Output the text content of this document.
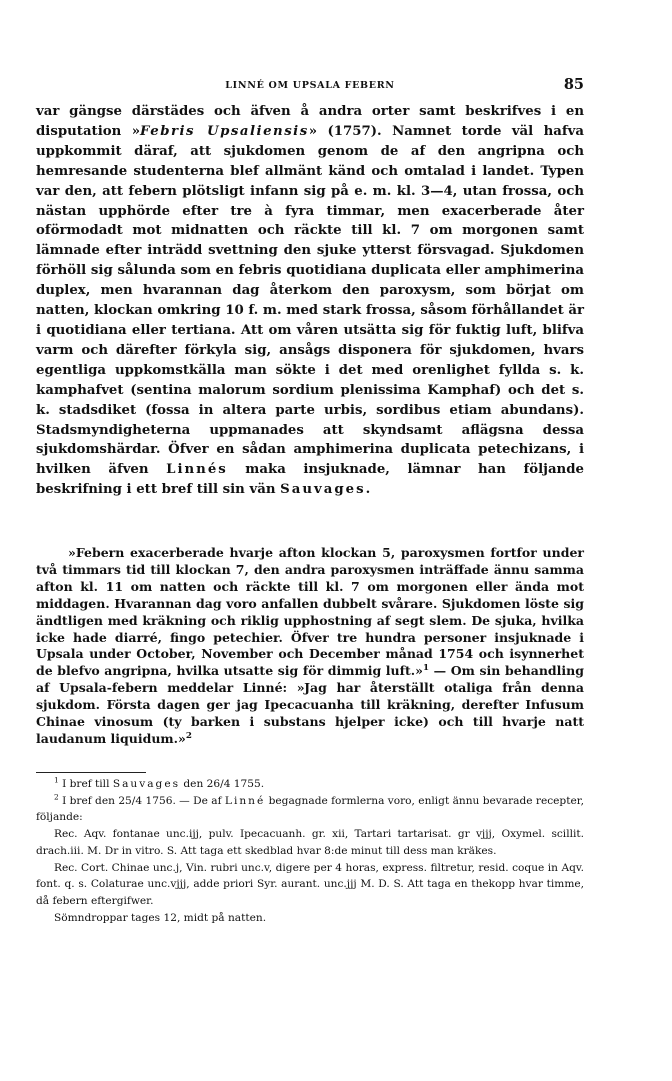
LINNÉ OM UPSALA FEBERN	85

var gängse därstädes och äfven å andra orter samt beskrifves i en disputation »Febris Upsaliensis» (1757). Namnet torde väl hafva uppkommit däraf, att sjukdomen genom de af den angripna och hemresande studenterna blef allmänt känd och omtalad i landet. Typen var den, att febern plötsligt infann sig på e. m. kl. 3—4, utan frossa, och nästan upphörde efter tre à fyra timmar, men exacerberade åter oförmodadt mot midnatten och räckte till kl. 7 om morgonen samt lämnade efter inträdd svettning den sjuke ytterst försvagad. Sjukdomen förhöll sig sålunda som en febris quotidiana duplicata eller amphimerina duplex, men hvarannan dag återkom den paroxysm, som börjat om natten, klockan omkring 10 f. m. med stark frossa, såsom förhållandet är i quotidiana eller tertiana. Att om våren utsätta sig för fuktig luft, blifva varm och därefter förkyla sig, ansågs disponera för sjukdomen, hvars egentliga uppkomstkälla man sökte i det med orenlighet fyllda s. k. kamphafvet (sentina malorum sordium plenissima Kamphaf) och det s. k. stadsdiket (fossa in altera parte urbis, sordibus etiam abundans). Stadsmyndigheterna uppmanades att skyndsamt aflägsna dessa sjukdomshärdar. Öfver en sådan amphimerina duplicata petechizans, i hvilken äfven Linnés maka insjuknade, lämnar han följande beskrifning i ett bref till sin vän Sauvages.

»Febern exacerberade hvarje afton klockan 5, paroxysmen fortfor under två timmars tid till klockan 7, den andra paroxysmen inträffade ännu samma afton kl. 11 om natten och räckte till kl. 7 om morgonen eller ända mot middagen. Hvarannan dag voro anfallen dubbelt svårare. Sjukdomen löste sig ändtligen med kräkning och riklig upphostning af segt slem. De sjuka, hvilka icke hade diarré, fingo petechier. Öfver tre hundra personer insjuknade i Upsala under October, November och December månad 1754 och isynnerhet de blefvo angripna, hvilka utsatte sig för dimmig luft.»$^1$ — Om sin behandling af Upsala-febern meddelar Linné: »Jag har återställt otaliga från denna sjukdom. Första dagen ger jag Ipecacuanha till kräkning, derefter Infusum Chinae vinosum (ty barken i substans hjelper icke) och till hvarje natt laudanum liquidum.»$^2$

$^1$ I bref till Sauvages den 26/4 1755.

$^2$ I bref den 25/4 1756. — De af Linné begagnade formlerna voro, enligt ännu bevarade recepter, följande:

Rec. Aqv. fontanae unc.ijj, pulv. Ipecacuanh. gr. xii, Tartari tartarisat. gr vjjj, Oxymel. scillit. drach.iii. M. Dr in vitro. S. Att taga ett skedblad hvar 8:de minut till dess man kräkes.

Rec. Cort. Chinae unc.j, Vin. rubri unc.v, digere per 4 horas, express. filtretur, resid. coque in Aqv. font. q. s. Colaturae unc.vjjj, adde priori Syr. aurant. unc.jjj M. D. S. Att taga en thekopp hvar timme, då febern eftergifwer.

Sömndroppar tages 12, midt på natten.
